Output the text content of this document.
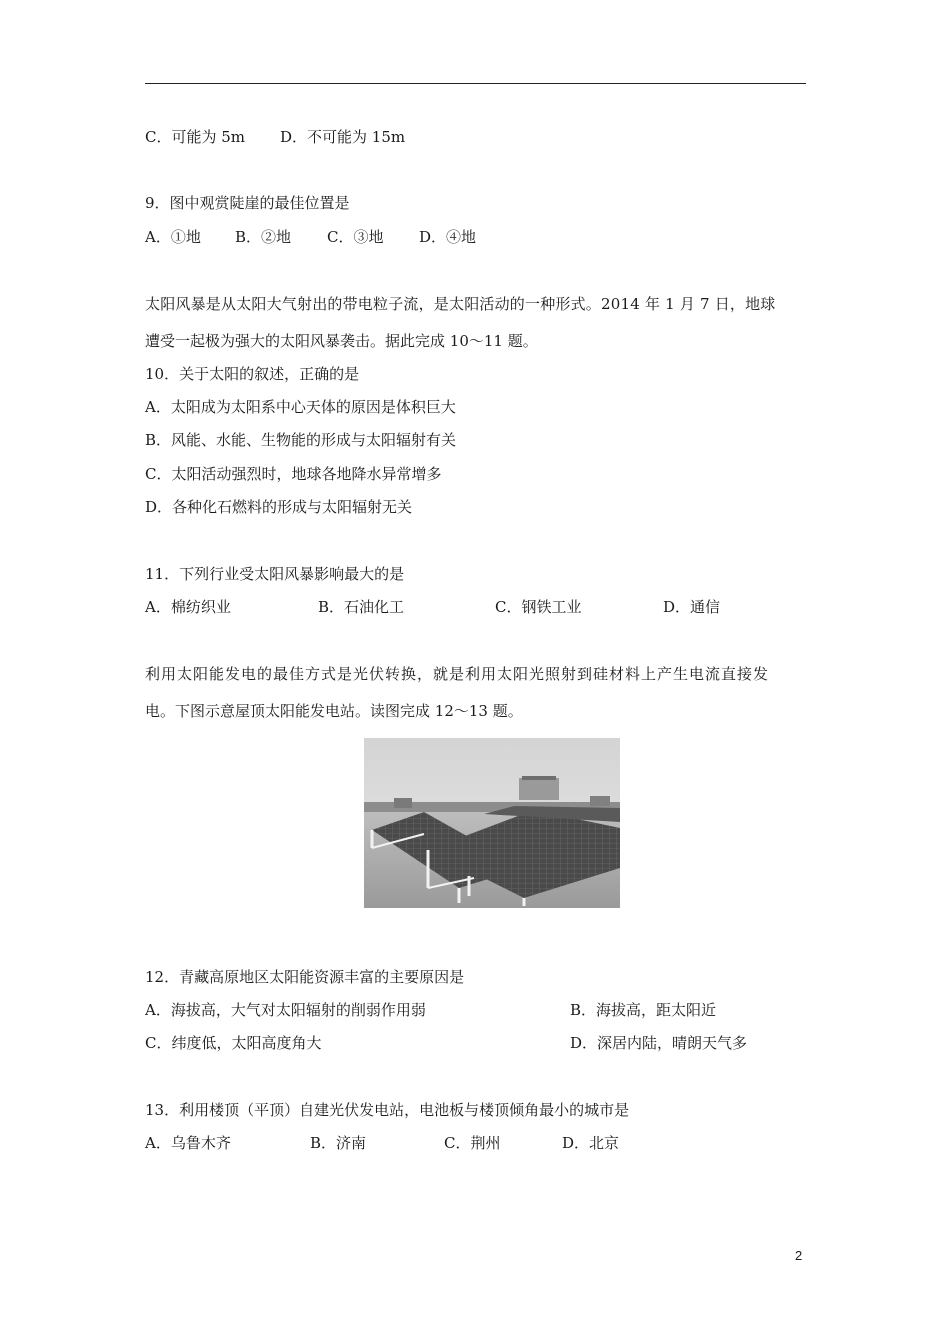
C．可能为 5m D．不可能为 15m
9．图中观赏陡崖的最佳位置是
A．①地 B．②地 C．③地 D．④地
太阳风暴是从太阳大气射出的带电粒子流，是太阳活动的一种形式。2014 年 1 月 7 日，地球
遭受一起极为强大的太阳风暴袭击。据此完成 10～11 题。
10．关于太阳的叙述，正确的是
A．太阳成为太阳系中心天体的原因是体积巨大
B．风能、水能、生物能的形成与太阳辐射有关
C．太阳活动强烈时，地球各地降水异常增多
D．各种化石燃料的形成与太阳辐射无关
11．下列行业受太阳风暴影响最大的是
A．棉纺织业	B．石油化工	C．钢铁工业	D．通信
利用太阳能发电的最佳方式是光伏转换，就是利用太阳光照射到硅材料上产生电流直接发
电。下图示意屋顶太阳能发电站。读图完成 12～13 题。
12．青藏高原地区太阳能资源丰富的主要原因是
A．海拔高，大气对太阳辐射的削弱作用弱	B．海拔高，距太阳近
C．纬度低，太阳高度角大	D．深居内陆，晴朗天气多
13．利用楼顶（平顶）自建光伏发电站，电池板与楼顶倾角最小的城市是
A．乌鲁木齐	B．济南	C．荆州	D．北京
2
